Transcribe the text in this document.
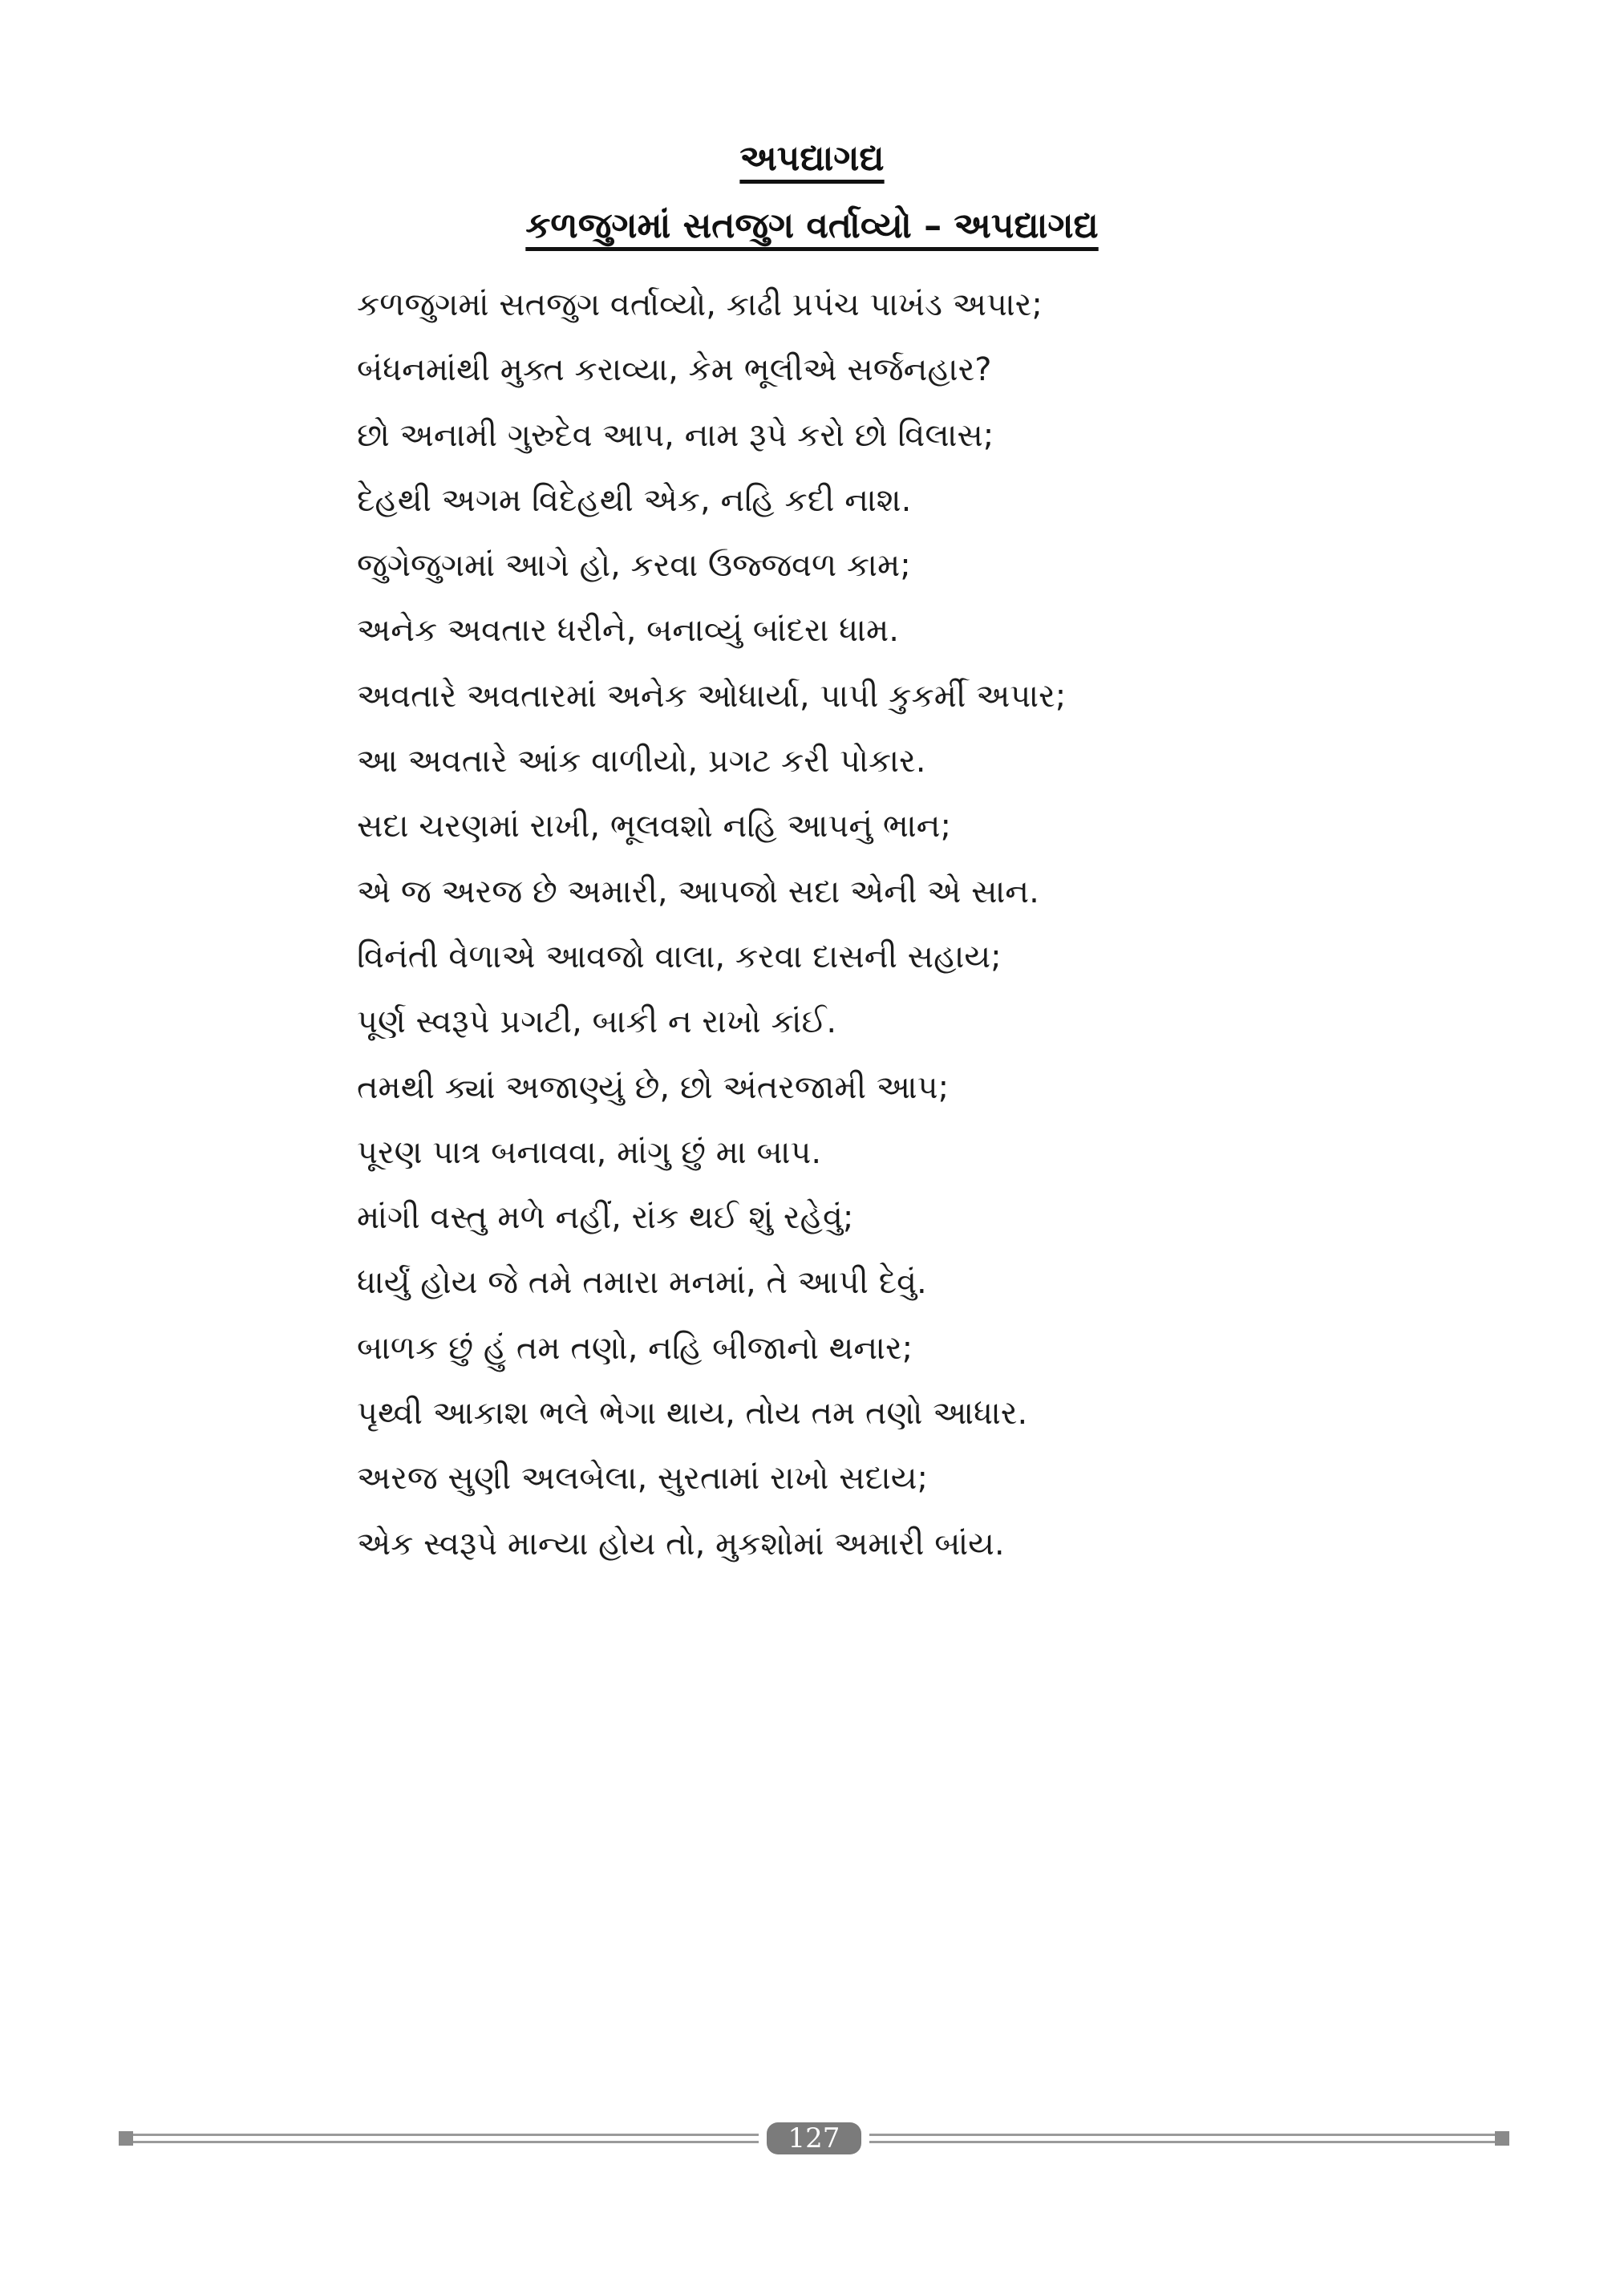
અપદ્યાગદ્ય
કળજુગમાં સતજુગ વર્તાવ્યો – અપદ્યાગદ્ય
કળજુગમાં સતજુગ વર્તાવ્યો, કાઢી પ્રપંચ પાખંડ અપાર;
બંધનમાંથી મુક્ત કરાવ્યા, કેમ ભૂલીએ સર્જનહાર?
છો અનામી ગુરુદેવ આપ, નામ રૂપે કરો છો વિલાસ;
દેહથી અગમ વિદેહથી એક, નહિ કદી નાશ.
જુગેજુગમાં આગે હો, કરવા ઉજ્જવળ કામ;
અનેક અવતાર ધરીને, બનાવ્યું બાંદરા ધામ.
અવતારે અવતારમાં અનેક ઓધાર્યા, પાપી કુકર્મી અપાર;
આ અવતારે આંક વાળીયો, પ્રગટ કરી પોકાર.
સદા ચરણમાં રાખી, ભૂલવશો નહિ આપનું ભાન;
એ જ અરજ છે અમારી, આપજો સદા એની એ સાન.
વિનંતી વેળાએ આવજો વાલા, કરવા દાસની સહાય;
પૂર્ણ સ્વરૂપે પ્રગટી, બાકી ન રાખો કાંઈ.
તમથી ક્યાં અજાણ્યું છે, છો અંતરજામી આપ;
પૂરણ પાત્ર બનાવવા, માંગુ છું મા બાપ.
માંગી વસ્તુ મળે નહીં, રાંક થઈ શું રહેવું;
ધાર્યું હોય જે તમે તમારા મનમાં, તે આપી દેવું.
બાળક છું હું તમ તણો, નહિ બીજાનો થનાર;
પૃથ્વી આકાશ ભલે ભેગા થાય, તોય તમ તણો આધાર.
અરજ સુણી અલબેલા, સુરતામાં રાખો સદાય;
એક સ્વરૂપે માન્યા હોય તો, મુકશોમાં અમારી બાંય.
127
